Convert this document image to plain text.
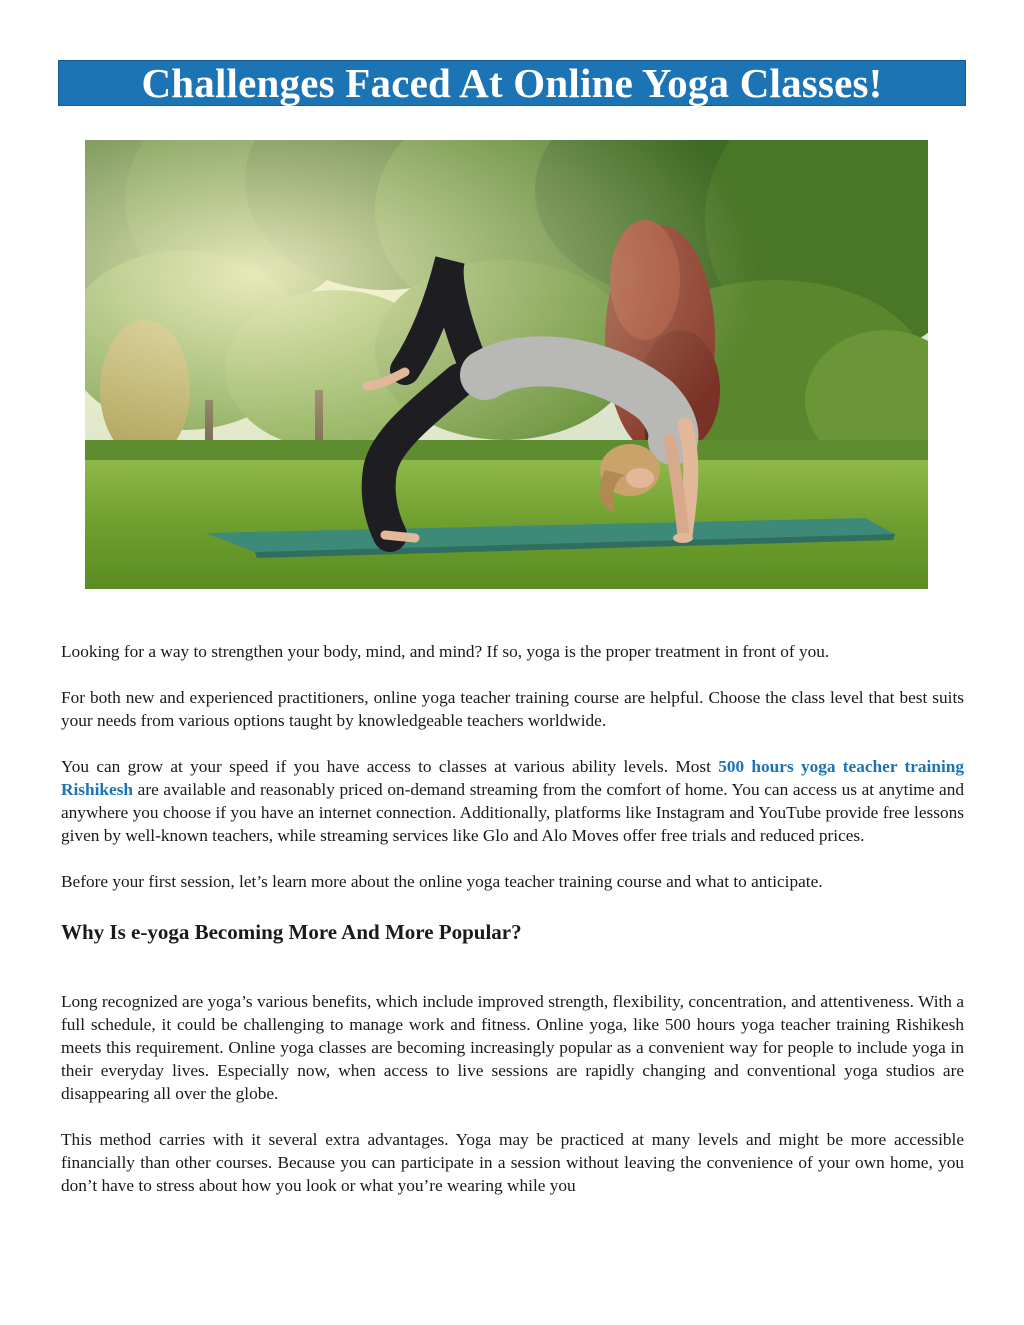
Challenges Faced At Online Yoga Classes!

Looking for a way to strengthen your body, mind, and mind? If so, yoga is the proper treatment in front of you.

For both new and experienced practitioners, online yoga teacher training course are helpful. Choose the class level that best suits your needs from various options taught by knowledgeable teachers worldwide.

You can grow at your speed if you have access to classes at various ability levels. Most 500 hours yoga teacher training Rishikesh are available and reasonably priced on-demand streaming from the comfort of home. You can access us at anytime and anywhere you choose if you have an internet connection. Additionally, platforms like Instagram and YouTube provide free lessons given by well-known teachers, while streaming services like Glo and Alo Moves offer free trials and reduced prices.

Before your first session, let’s learn more about the online yoga teacher training course and what to anticipate.

Why Is e-yoga Becoming More And More Popular?

Long recognized are yoga’s various benefits, which include improved strength, flexibility, concentration, and attentiveness. With a full schedule, it could be challenging to manage work and fitness. Online yoga, like 500 hours yoga teacher training Rishikesh meets this requirement. Online yoga classes are becoming increasingly popular as a convenient way for people to include yoga in their everyday lives. Especially now, when access to live sessions are rapidly changing and conventional yoga studios are disappearing all over the globe.

This method carries with it several extra advantages. Yoga may be practiced at many levels and might be more accessible financially than other courses. Because you can participate in a session without leaving the convenience of your own home, you don’t have to stress about how you look or what you’re wearing while you
